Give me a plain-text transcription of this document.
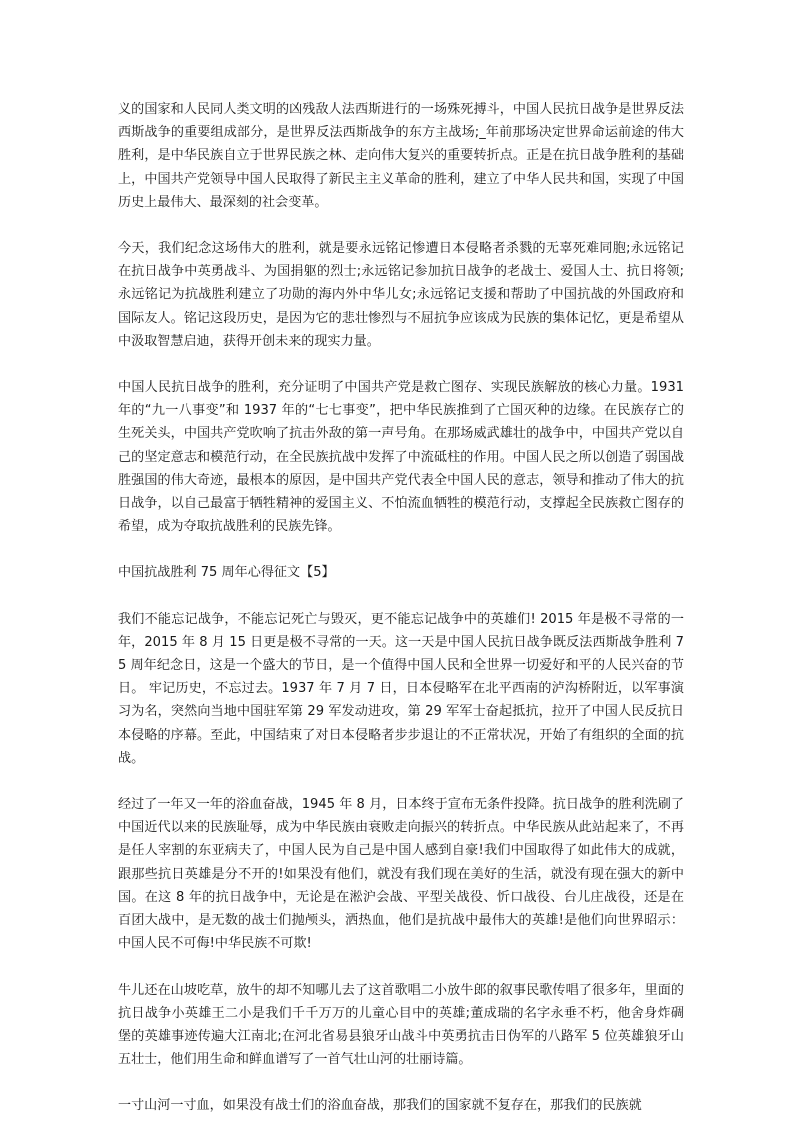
义的国家和人民同人类文明的凶残敌人法西斯进行的一场殊死搏斗，中国人民抗日战争是世界反法西斯战争的重要组成部分，是世界反法西斯战争的东方主战场;_年前那场决定世界命运前途的伟大胜利，是中华民族自立于世界民族之林、走向伟大复兴的重要转折点。正是在抗日战争胜利的基础上，中国共产党领导中国人民取得了新民主主义革命的胜利，建立了中华人民共和国，实现了中国历史上最伟大、最深刻的社会变革。

今天，我们纪念这场伟大的胜利，就是要永远铭记惨遭日本侵略者杀戮的无辜死难同胞;永远铭记在抗日战争中英勇战斗、为国捐躯的烈士;永远铭记参加抗日战争的老战士、爱国人士、抗日将领;永远铭记为抗战胜利建立了功勋的海内外中华儿女;永远铭记支援和帮助了中国抗战的外国政府和国际友人。铭记这段历史，是因为它的悲壮惨烈与不屈抗争应该成为民族的集体记忆，更是希望从中汲取智慧启迪，获得开创未来的现实力量。

中国人民抗日战争的胜利，充分证明了中国共产党是救亡图存、实现民族解放的核心力量。1931 年的“九一八事变”和 1937 年的“七七事变”，把中华民族推到了亡国灭种的边缘。在民族存亡的生死关头，中国共产党吹响了抗击外敌的第一声号角。在那场威武雄壮的战争中，中国共产党以自己的坚定意志和模范行动，在全民族抗战中发挥了中流砥柱的作用。中国人民之所以创造了弱国战胜强国的伟大奇迹，最根本的原因，是中国共产党代表全中国人民的意志，领导和推动了伟大的抗日战争，以自己最富于牺牲精神的爱国主义、不怕流血牺牲的模范行动，支撑起全民族救亡图存的希望，成为夺取抗战胜利的民族先锋。

中国抗战胜利 75 周年心得征文【5】

我们不能忘记战争，不能忘记死亡与毁灭，更不能忘记战争中的英雄们! 2015 年是极不寻常的一年，2015 年 8 月 15 日更是极不寻常的一天。这一天是中国人民抗日战争既反法西斯战争胜利 75 周年纪念日，这是一个盛大的节日，是一个值得中国人民和全世界一切爱好和平的人民兴奋的节日。 牢记历史，不忘过去。1937 年 7 月 7 日，日本侵略军在北平西南的泸沟桥附近，以军事演习为名，突然向当地中国驻军第 29 军发动进攻，第 29 军军士奋起抵抗，拉开了中国人民反抗日本侵略的序幕。至此，中国结束了对日本侵略者步步退让的不正常状况，开始了有组织的全面的抗战。

经过了一年又一年的浴血奋战，1945 年 8 月，日本终于宣布无条件投降。抗日战争的胜利洗刷了中国近代以来的民族耻辱，成为中华民族由衰败走向振兴的转折点。中华民族从此站起来了，不再是任人宰割的东亚病夫了，中国人民为自己是中国人感到自豪!我们中国取得了如此伟大的成就，跟那些抗日英雄是分不开的!如果没有他们，就没有我们现在美好的生活，就没有现在强大的新中国。在这 8 年的抗日战争中，无论是在淞沪会战、平型关战役、忻口战役、台儿庄战役，还是在百团大战中，是无数的战士们抛颅头，洒热血，他们是抗战中最伟大的英雄!是他们向世界昭示：中国人民不可侮!中华民族不可欺!

牛儿还在山坡吃草，放牛的却不知哪儿去了这首歌唱二小放牛郎的叙事民歌传唱了很多年，里面的抗日战争小英雄王二小是我们千千万万的儿童心目中的英雄;董成瑞的名字永垂不朽，他舍身炸碉堡的英雄事迹传遍大江南北;在河北省易县狼牙山战斗中英勇抗击日伪军的八路军 5 位英雄狼牙山五壮士，他们用生命和鲜血谱写了一首气壮山河的壮丽诗篇。

一寸山河一寸血，如果没有战士们的浴血奋战，那我们的国家就不复存在，那我们的民族就
